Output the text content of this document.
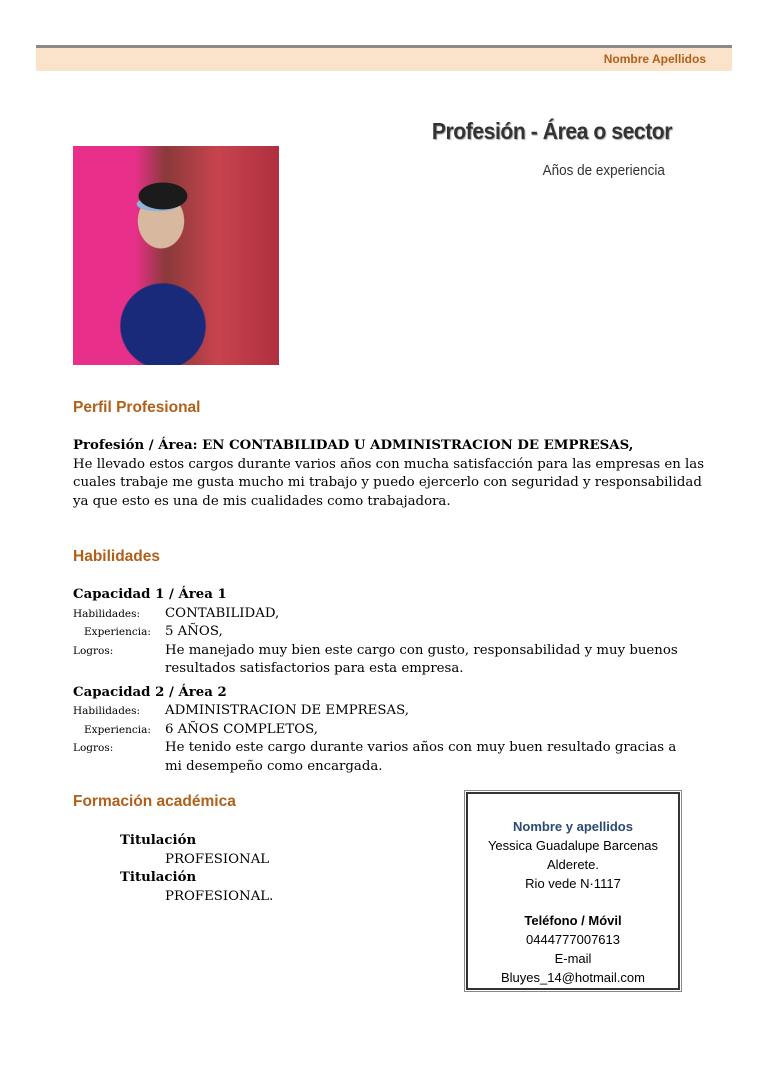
Nombre Apellidos
Profesión - Área o sector
Años de experiencia
Perfil Profesional
Profesión / Área: EN CONTABILIDAD U ADMINISTRACION DE EMPRESAS,
He llevado estos cargos durante varios años con mucha satisfacción para las empresas en las cuales trabaje me gusta mucho mi trabajo y puedo ejercerlo con seguridad y responsabilidad ya que esto es una de mis cualidades como trabajadora.
Habilidades
Capacidad 1 / Área 1
Habilidades:	CONTABILIDAD,
Experiencia:	5 AÑOS,
Logros:	He manejado muy bien este cargo con gusto, responsabilidad y muy buenos resultados satisfactorios para esta empresa.
Capacidad 2 / Área 2
Habilidades:	ADMINISTRACION DE EMPRESAS,
Experiencia:	6 AÑOS COMPLETOS,
Logros:	He tenido este cargo durante varios años con muy buen resultado gracias a mi desempeño como encargada.
Formación académica
Titulación
PROFESIONAL
Titulación
PROFESIONAL.
Nombre y apellidos
Yessica Guadalupe Barcenas
Alderete.
Rio vede N·1117
Teléfono / Móvil
0444777007613
E-mail
Bluyes_14@hotmail.com
